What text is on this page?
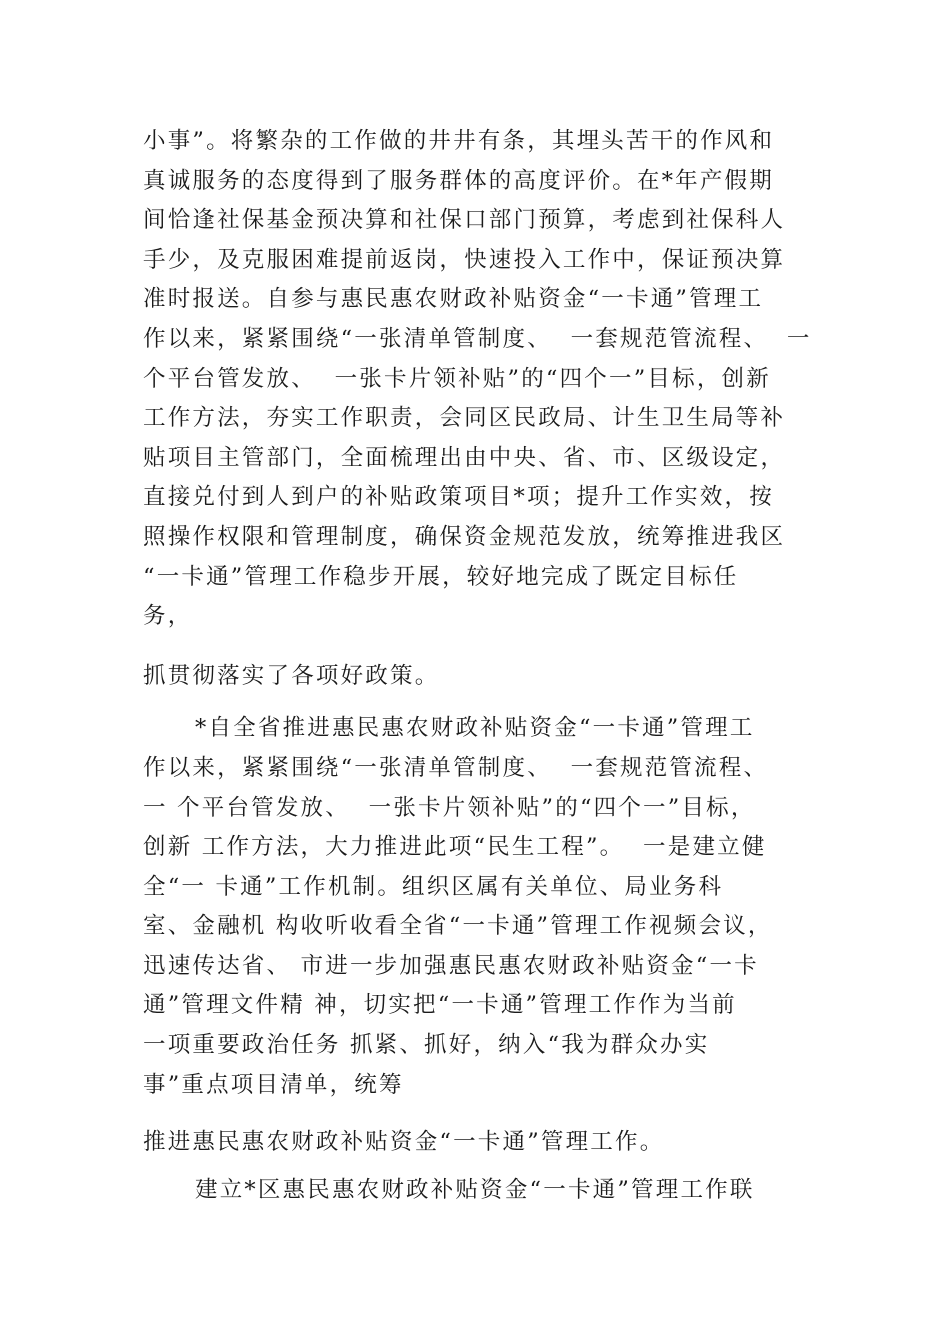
小事”。将繁杂的工作做的井井有条，其埋头苦干的作风和
真诚服务的态度得到了服务群体的高度评价。在*年产假期
间恰逢社保基金预决算和社保口部门预算，考虑到社保科人
手少，及克服困难提前返岗，快速投入工作中，保证预决算
准时报送。自参与惠民惠农财政补贴资金“一卡通”管理工
作以来，紧紧围绕“一张清单管制度、  一套规范管流程、  一
个平台管发放、  一张卡片领补贴”的“四个一”目标，创新
工作方法，夯实工作职责，会同区民政局、计生卫生局等补
贴项目主管部门，全面梳理出由中央、省、市、区级设定，
直接兑付到人到户的补贴政策项目*项；提升工作实效，按
照操作权限和管理制度，确保资金规范发放，统筹推进我区
“一卡通”管理工作稳步开展，较好地完成了既定目标任
务，
抓贯彻落实了各项好政策。
*自全省推进惠民惠农财政补贴资金“一卡通”管理工
作以来，紧紧围绕“一张清单管制度、  一套规范管流程、
一 个平台管发放、  一张卡片领补贴”的“四个一”目标，
创新 工作方法，大力推进此项“民生工程”。  一是建立健
全“一 卡通”工作机制。组织区属有关单位、局业务科
室、金融机 构收听收看全省“一卡通”管理工作视频会议，
迅速传达省、 市进一步加强惠民惠农财政补贴资金“一卡
通”管理文件精 神，切实把“一卡通”管理工作作为当前
一项重要政治任务 抓紧、抓好，纳入“我为群众办实
事”重点项目清单，统筹
推进惠民惠农财政补贴资金“一卡通”管理工作。
建立*区惠民惠农财政补贴资金“一卡通”管理工作联
